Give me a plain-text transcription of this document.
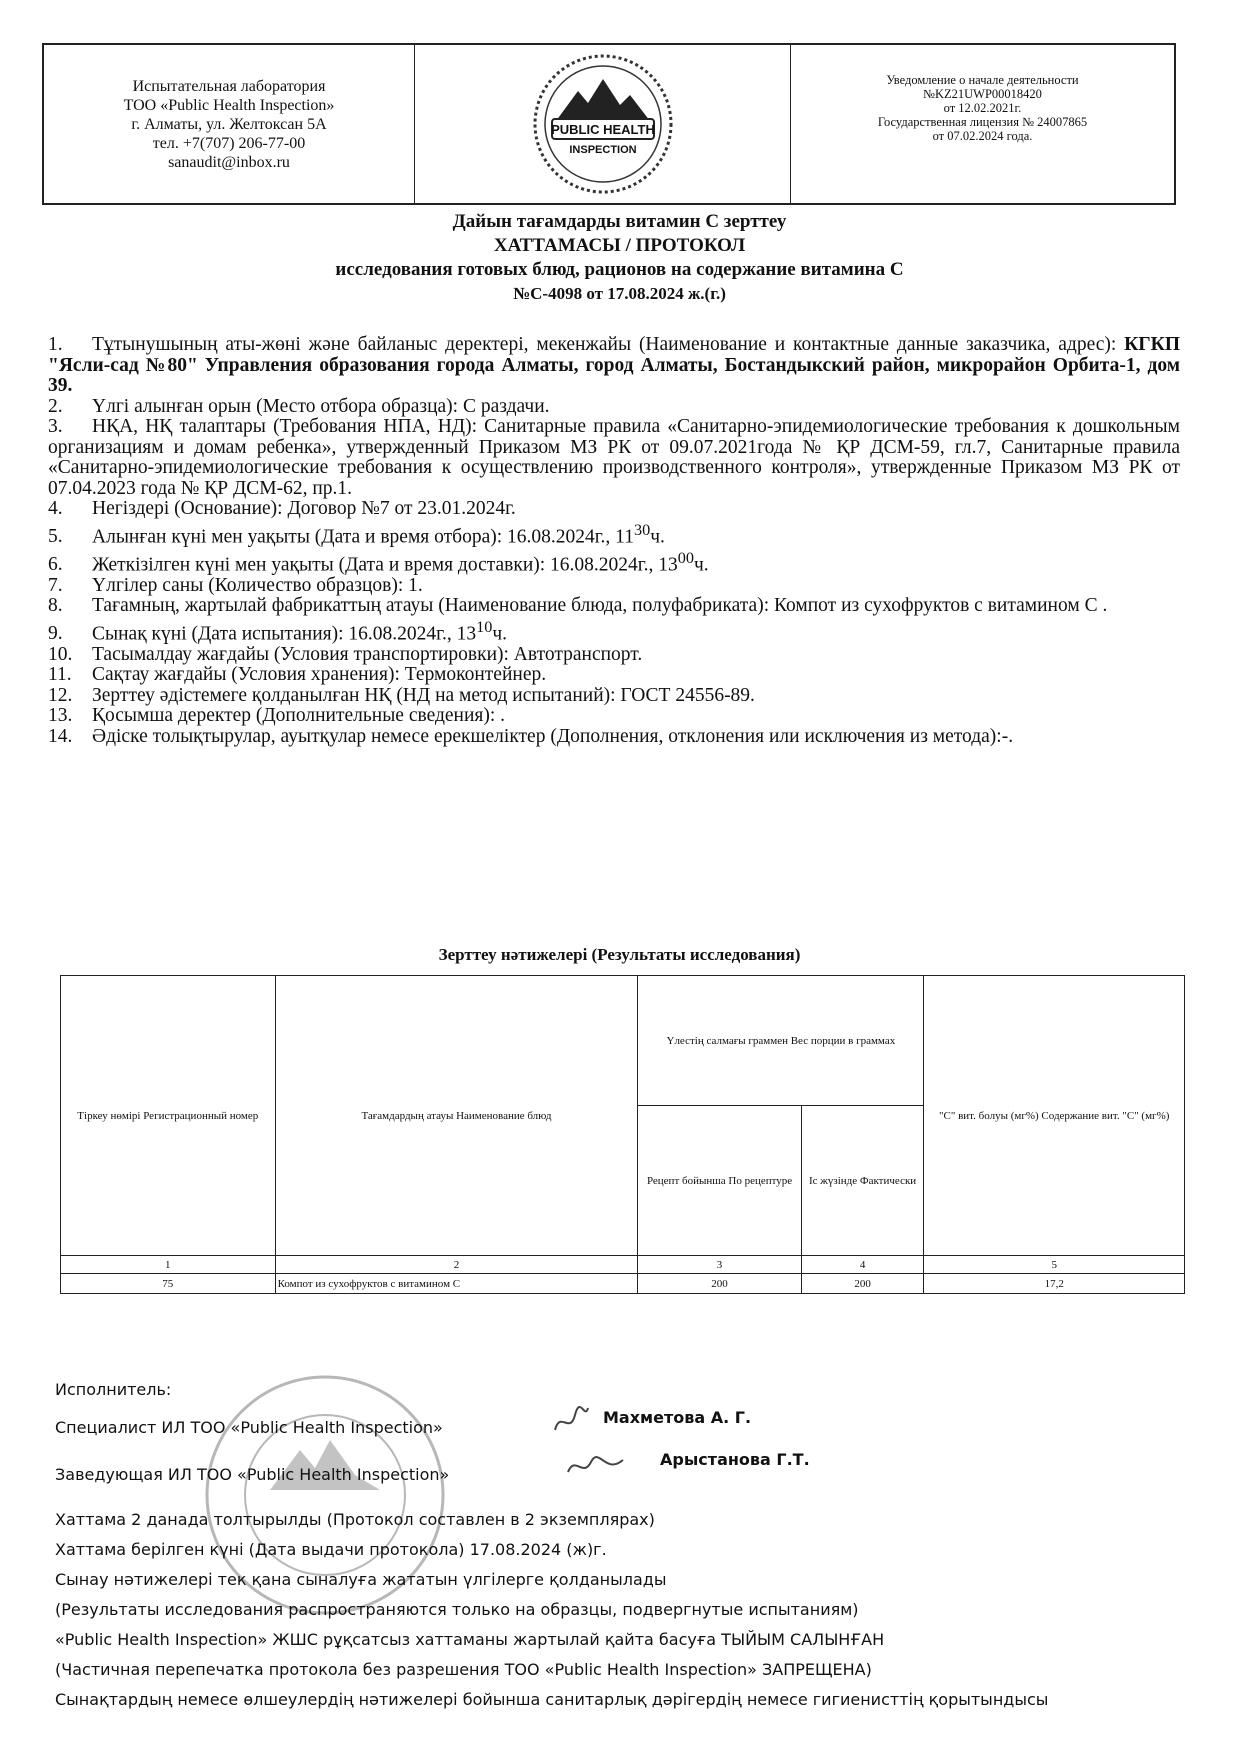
Испытательная лаборатория
ТОО «Public Health Inspection»
г. Алматы, ул. Желтоксан 5А
тел. +7(707) 206-77-00
sanaudit@inbox.ru
PUBLIC HEALTH
INSPECTION
Уведомление о начале деятельности
№KZ21UWP00018420
от 12.02.2021г.
Государственная лицензия № 24007865
от 07.02.2024 года.
Дайын тағамдарды витамин С зерттеу
ХАТТАМАСЫ / ПРОТОКОЛ
исследования готовых блюд, рационов на содержание витамина С
№С-4098 от 17.08.2024 ж.(г.)

1. Тұтынушының аты-жөні және байланыс деректері, мекенжайы (Наименование и контактные данные заказчика, адрес): КГКП "Ясли-сад №80" Управления образования города Алматы, город Алматы, Бостандыкский район, микрорайон Орбита-1, дом 39.

2. Үлгі алынған орын (Место отбора образца): С раздачи.

3. НҚА, НҚ талаптары (Требования НПА, НД): Санитарные правила «Санитарно-эпидемиологические требования к дошкольным организациям и домам ребенка», утвержденный Приказом МЗ РК от 09.07.2021года № ҚР ДСМ-59, гл.7, Санитарные правила «Санитарно-эпидемиологические требования к осуществлению производственного контроля», утвержденные Приказом МЗ РК от 07.04.2023 года № ҚР ДСМ-62, пр.1.

4. Негіздері (Основание): Договор №7 от 23.01.2024г.

5. Алынған күні мен уақыты (Дата и время отбора): 16.08.2024г., $11^{30}ч$.

6. Жеткізілген күні мен уақыты (Дата и время доставки): 16.08.2024г., $13^{00}ч$.

7. Үлгілер саны (Количество образцов): 1.

8. Тағамның, жартылай фабрикаттың атауы (Наименование блюда, полуфабриката): Компот из сухофруктов с витамином С .

9. Сынақ күні (Дата испытания): 16.08.2024г., $13^{10}ч$.

10. Тасымалдау жағдайы (Условия транспортировки): Автотранспорт.

11. Сақтау жағдайы (Условия хранения): Термоконтейнер.

12. Зерттеу әдістемеге қолданылған НҚ (НД на метод испытаний): ГОСТ 24556-89.

13. Қосымша деректер (Дополнительные сведения): .

14. Әдіске толықтырулар, ауытқулар немесе ерекшеліктер (Дополнения, отклонения или исключения из метода):-.

Зерттеу нәтижелері (Результаты исследования)
Тіркеу нөмірі Регистрационный номер	Тағамдардың атауы Наименование блюд	Үлестің салмағы граммен Вес порции в граммах		"С" вит. болуы (мг%) Содержание вит. "С" (мг%)
		Рецепт бойынша По рецептуре	Іс жүзінде Фактически	
1	2	3	4	5
75	Компот из сухофруктов с витамином С	200	200	17,2
Исполнитель:
Специалист ИЛ ТОО «Public Health Inspection»
Махметова А. Г.
Заведующая ИЛ ТОО «Public Health Inspection»
Арыстанова Г.Т.
Хаттама 2 данада толтырылды (Протокол составлен в 2 экземплярах)
Хаттама берілген күні (Дата выдачи протокола) 17.08.2024 (ж)г.
Сынау нәтижелері тек қана сыналуға жататын үлгілерге қолданылады
(Результаты исследования распространяются только на образцы, подвергнутые испытаниям)
«Public Health Inspection» ЖШС рұқсатсыз хаттаманы жартылай қайта басуға ТЫЙЫМ САЛЫНҒАН
(Частичная перепечатка протокола без разрешения ТОО «Public Health Inspection» ЗАПРЕЩЕНА)
Сынақтардың немесе өлшеулердің нәтижелері бойынша санитарлық дәрігердің немесе гигиенисттің қорытындысы
